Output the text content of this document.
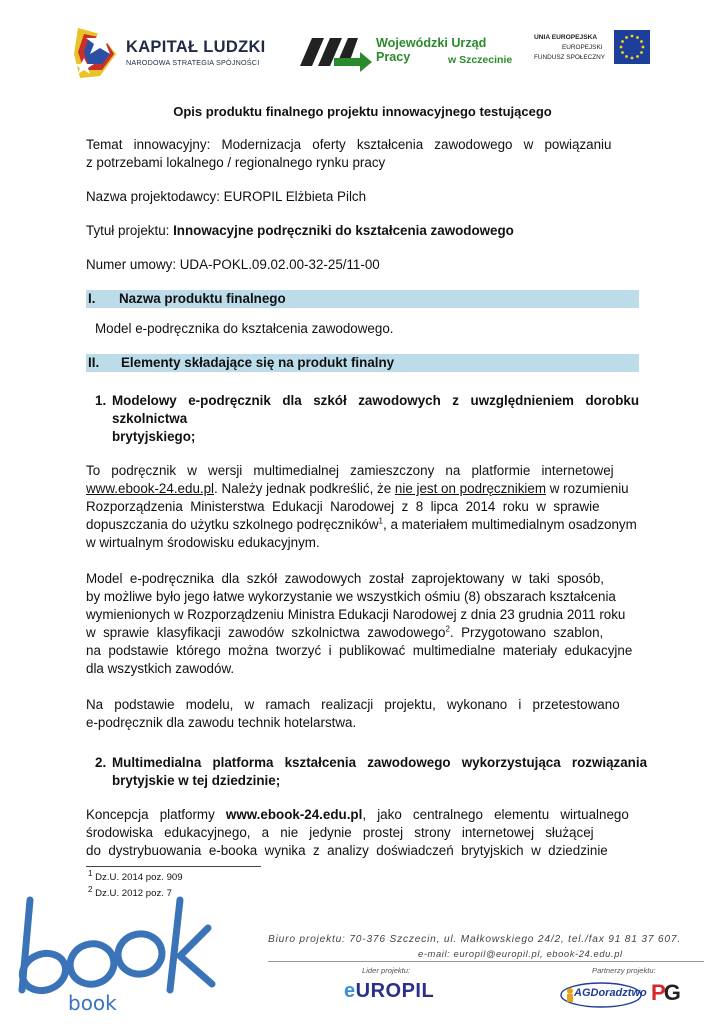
KAPITAŁ LUDZKI
NARODOWA STRATEGIA SPÓJNOŚCI
Wojewódzki Urząd Pracy	w Szczecinie
UNIA EUROPEJSKA
EUROPEJSKI
FUNDUSZ SPOŁECZNY
Opis produktu finalnego projektu innowacyjnego testującego
Temat   innowacyjny:   Modernizacja   oferty   kształcenia   zawodowego   w   powiązaniu
z potrzebami lokalnego / regionalnego rynku pracy
Nazwa projektodawcy: EUROPIL Elżbieta Pilch
Tytuł projektu: Innowacyjne podręczniki do kształcenia zawodowego
Numer umowy: UDA-POKL.09.02.00-32-25/11-00
I. Nazwa produktu finalnego
Model e-podręcznika do kształcenia zawodowego.
II. Elementy składające się na produkt finalny
1. Modelowy e-podręcznik dla szkół zawodowych z uwzględnieniem dorobku szkolnictwa
brytyjskiego;
To   podręcznik   w   wersji   multimedialnej   zamieszczony   na   platformie   internetowej
www.ebook-24.edu.pl. Należy jednak podkreślić, że nie jest on podręcznikiem w rozumieniu
Rozporządzenia  Ministerstwa  Edukacji  Narodowej  z  8  lipca  2014  roku  w  sprawie
dopuszczania do użytku szkolnego podręczników$^1$, a materiałem multimedialnym osadzonym
w wirtualnym środowisku edukacyjnym.
Model  e-podręcznika  dla  szkół  zawodowych  został  zaprojektowany  w  taki  sposób,
by możliwe było jego łatwe wykorzystanie we wszystkich ośmiu (8) obszarach kształcenia
wymienionych w Rozporządzeniu Ministra Edukacji Narodowej z dnia 23 grudnia 2011 roku
w  sprawie  klasyfikacji  zawodów  szkolnictwa  zawodowego$^2$.  Przygotowano  szablon,
na  podstawie  którego  można  tworzyć  i  publikować  multimedialne  materiały  edukacyjne
dla wszystkich zawodów.
Na   podstawie   modelu,   w   ramach   realizacji   projektu,   wykonano   i   przetestowano
e-podręcznik dla zawodu technik hotelarstwa.
2. Multimedialna   platforma   kształcenia   zawodowego   wykorzystująca   rozwiązania
brytyjskie w tej dziedzinie;
Koncepcja   platformy   www.ebook-24.edu.pl,   jako   centralnego   elementu   wirtualnego
środowiska   edukacyjnego,   a   nie   jedynie   prostej   strony   internetowej   służącej
do  dystrybuowania  e-booka  wynika  z  analizy  doświadczeń  brytyjskich  w  dziedzinie
$^1$ Dz.U. 2014 poz. 909
$^2$ Dz.U. 2012 poz. 7
book
Biuro projektu: 70-376 Szczecin, ul. Małkowskiego 24/2, tel./fax 91 81 37 607.
e-mail: europil@europil.pl, ebook-24.edu.pl
Lider projektu:	Partnerzy projektu:
eUROPIL	AGDoradztwo PG
